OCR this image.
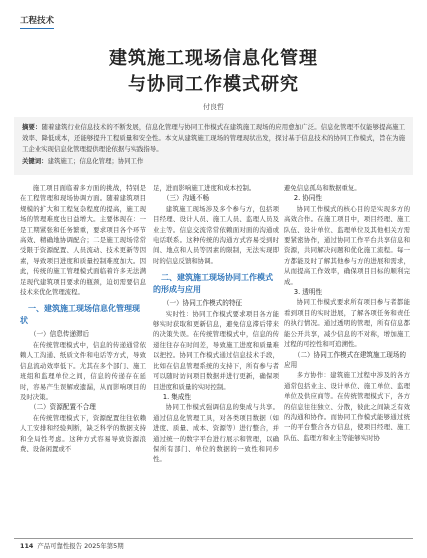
工程技术
建筑施工现场信息化管理
与协同工作模式研究
付良哲

摘要：随着建筑行业信息技术的不断发展，信息化管理与协同工作模式在建筑施工现场的应用愈加广泛。信息化管理不仅能够提高施工效率、降低成本，还能够提升工程质量和安全性。本文从建筑施工现场的管理现状出发，探讨基于信息技术的协同工作模式，旨在为施工企业实现信息化管理提供理论依据与实践指导。

关键词：建筑施工；信息化管理；协同工作

施工项目面临着多方面的挑战，特别是在工程管理和现场协调方面。随着建筑项目规模的扩大和工程复杂程度的提高，施工现场的管理难度也日益增大。主要体现在：一是工期紧张和任务繁重，要求项目各个环节高效、精确地协调配合；二是施工现场常常受限于资源配置、人员流动、技术更新等因素，导致项目进度和质量控制难度加大。因此，传统的施工管理模式面临着许多无法满足现代建筑项目要求的瓶颈，迫切需要信息技术来优化管理流程。

一、建筑施工现场信息化管理现状
（一）信息传递滞后

在传统管理模式中，信息的传递通常依赖人工沟通、纸质文件和电话等方式，导致信息流动效率低下。尤其在多个部门、施工班组和监理单位之间，信息的传递存在延时，容易产生误解或遗漏，从而影响项目的及时决策。

（二）资源配置不合理

在传统管理模式下，资源配置往往依赖人工安排和经验判断，缺乏科学的数据支持和全局性考虑。这种方式容易导致资源浪费、设备闲置或不

足，进而影响施工进度和成本控制。

（三）沟通不畅

建筑施工现场涉及多个参与方，包括项目经理、设计人员、施工人员、监理人员及业主等。信息交流常常依赖面对面的沟通或电话联系。这种传统的沟通方式容易受到时间、地点和人员等因素的限制，无法实现即时的信息反馈和协调。

二、建筑施工现场协同工作模式的形成与应用
（一）协同工作模式的特征

实时性：协同工作模式要求项目各方能够实时获取和更新信息，避免信息滞后带来的决策失误。在传统管理模式中，信息的传递往往存在时间差，导致施工进度和质量难以把控。协同工作模式通过信息技术手段，比如在信息管理系统的支持下，所有参与者可以随时访问项目数据并进行更新，确保项目进度和质量的实时控制。

1. 集成性

协同工作模式强调信息的集成与共享。通过信息化管理工具，对各类项目数据（如进度、质量、成本、资源等）进行整合，并通过统一的数字平台进行展示和管理，以确保所有部门、单位的数据的一致性和同步性。

避免信息孤岛和数据重复。

2. 协同性

协同工作模式的核心目的是实现多方的高效合作。在施工项目中，项目经理、施工队伍、设计单位、监理单位及其他相关方需要紧密协作，通过协同工作平台共享信息和资源，共同解决问题和优化施工流程。每一方都能及时了解其他参与方的进展和需求，从而提高工作效率，确保项目目标的顺利完成。

3. 透明性

协同工作模式要求所有项目参与者都能看到项目的实时进展，了解各项任务和责任的执行情况。通过透明的管理，所有信息都能公开共享，减少信息的不对称，增加施工过程的可控性和可追溯性。

（二）协同工作模式在建筑施工现场的应用

多方协作：建筑施工过程中涉及的各方通常包括业主、设计单位、施工单位、监理单位及供应商等。在传统管理模式下，各方的信息往往独立、分散，彼此之间缺乏有效的沟通和协作。而协同工作模式能够通过统一的平台整合各方信息，使项目经理、施工队伍、监理方和业主等能够实时协

114 产品可靠性报告 2025年第5期
